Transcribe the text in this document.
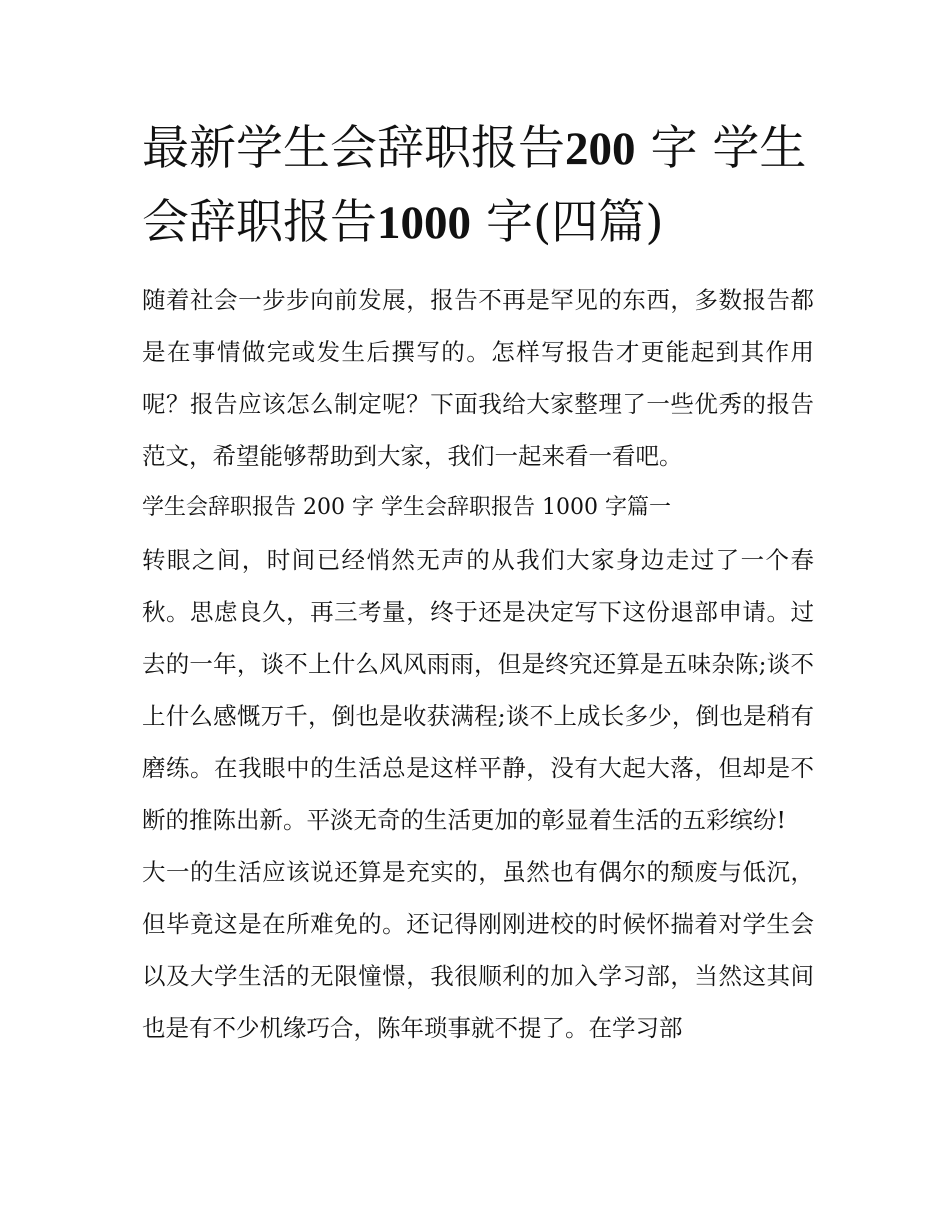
最新学生会辞职报告200 字 学生会辞职报告1000 字(四篇)

随着社会一步步向前发展，报告不再是罕见的东西，多数报告都是在事情做完或发生后撰写的。怎样写报告才更能起到其作用呢？报告应该怎么制定呢？下面我给大家整理了一些优秀的报告范文，希望能够帮助到大家，我们一起来看一看吧。

学生会辞职报告 200 字 学生会辞职报告 1000 字篇一

转眼之间，时间已经悄然无声的从我们大家身边走过了一个春秋。思虑良久，再三考量，终于还是决定写下这份退部申请。过去的一年，谈不上什么风风雨雨，但是终究还算是五味杂陈;谈不上什么感慨万千，倒也是收获满程;谈不上成长多少，倒也是稍有磨练。在我眼中的生活总是这样平静，没有大起大落，但却是不断的推陈出新。平淡无奇的生活更加的彰显着生活的五彩缤纷!

大一的生活应该说还算是充实的，虽然也有偶尔的颓废与低沉，但毕竟这是在所难免的。还记得刚刚进校的时候怀揣着对学生会以及大学生活的无限憧憬，我很顺利的加入学习部，当然这其间也是有不少机缘巧合，陈年琐事就不提了。在学习部
